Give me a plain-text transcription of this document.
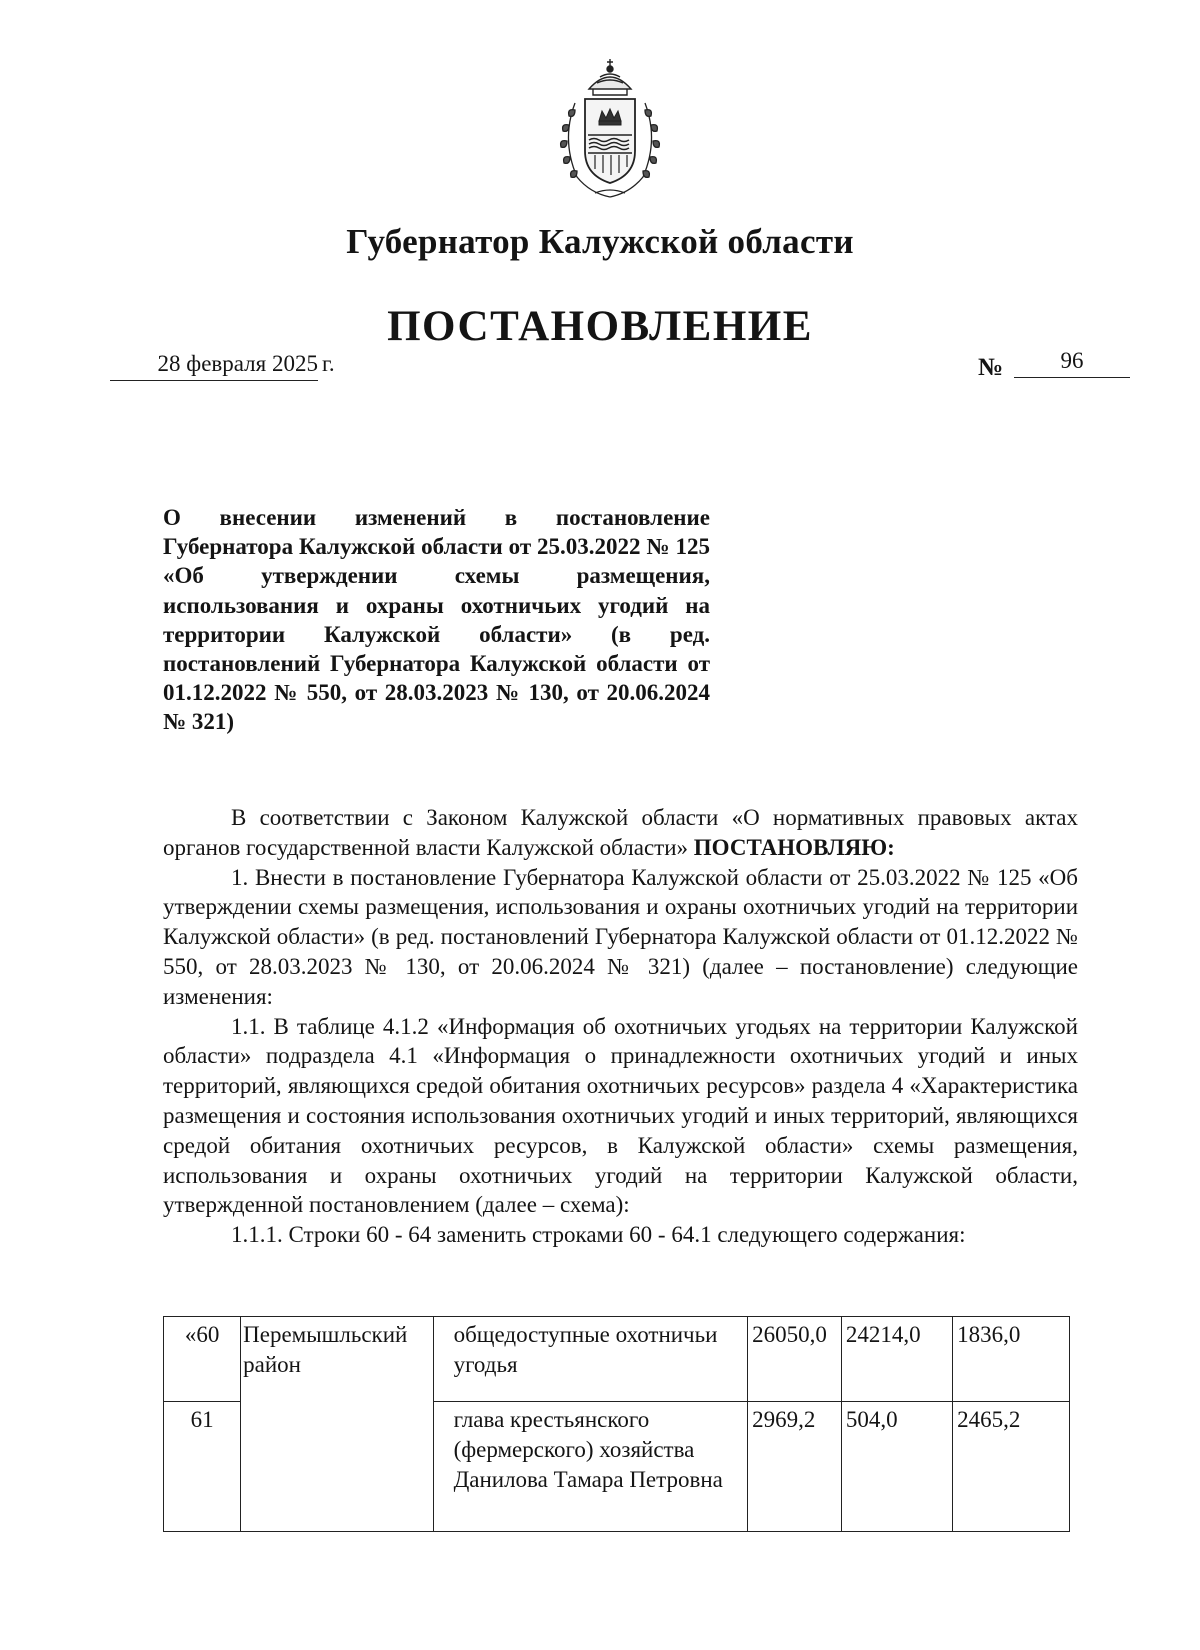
Губернатор Калужской области
ПОСТАНОВЛЕНИЕ
28 февраля 2025 г.	№	96
О внесении изменений в постановление Губернатора Калужской области от 25.03.2022 № 125 «Об утверждении схемы размещения, использования и охраны охотничьих угодий на территории Калужской области» (в ред. постановлений Губернатора Калужской области от 01.12.2022 № 550, от 28.03.2023 № 130, от 20.06.2024 № 321)

В соответствии с Законом Калужской области «О нормативных правовых актах органов государственной власти Калужской области» ПОСТАНОВЛЯЮ:

1. Внести в постановление Губернатора Калужской области от 25.03.2022 № 125 «Об утверждении схемы размещения, использования и охраны охотничьих угодий на территории Калужской области» (в ред. постановлений Губернатора Калужской области от 01.12.2022 № 550, от 28.03.2023 № 130, от 20.06.2024 № 321) (далее – постановление) следующие изменения:

1.1. В таблице 4.1.2 «Информация об охотничьих угодьях на территории Калужской области» подраздела 4.1 «Информация о принадлежности охотничьих угодий и иных территорий, являющихся средой обитания охотничьих ресурсов» раздела 4 «Характеристика размещения и состояния использования охотничьих угодий и иных территорий, являющихся средой обитания охотничьих ресурсов, в Калужской области» схемы размещения, использования и охраны охотничьих угодий на территории Калужской области, утвержденной постановлением (далее – схема):

1.1.1. Строки 60 - 64 заменить строками 60 - 64.1 следующего содержания:

«60	Перемышльский район	общедоступные охотничьи угодья	26050,0	24214,0	1836,0
61		глава крестьянского (фермерского) хозяйства Данилова Тамара Петровна	2969,2	504,0	2465,2
